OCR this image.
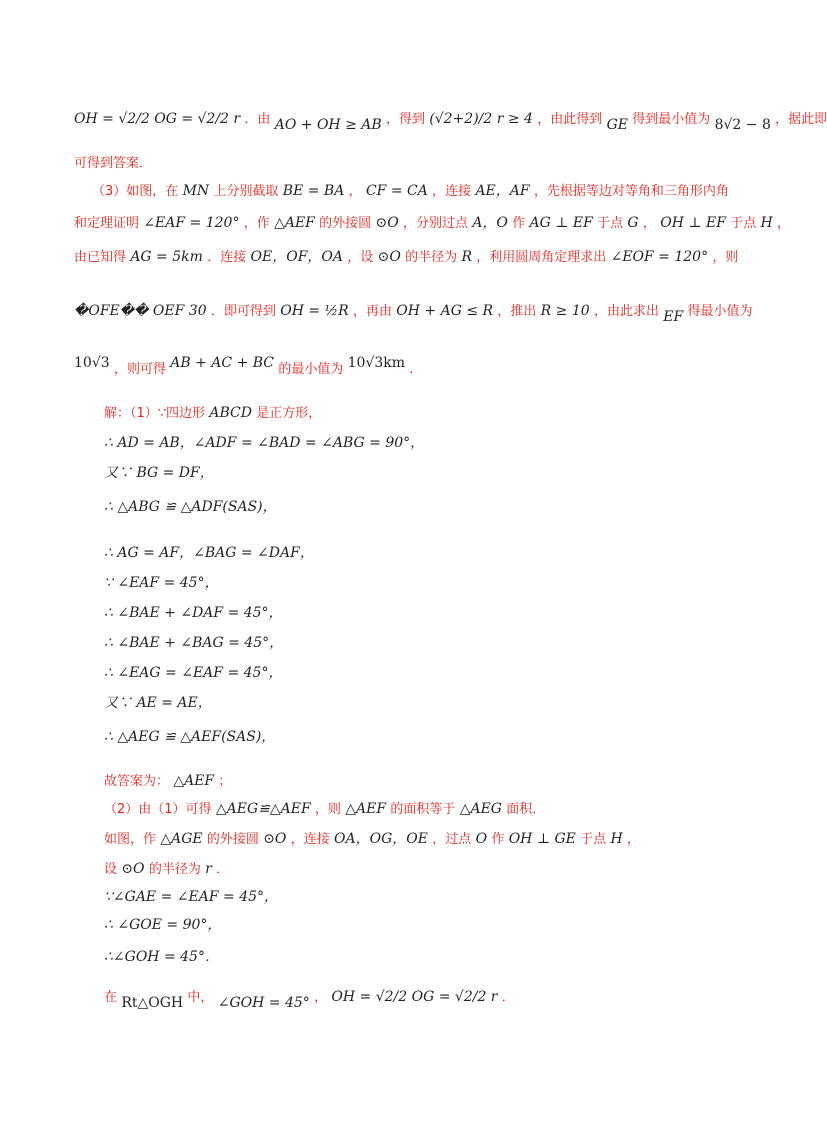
OH = √2/2 OG = √2/2 r ．由 AO + OH ≥ AB ，得到 (√2+2)/2 r ≥ 4 ，由此得到 GE 得到最小值为 8√2 − 8 ，据此即
可得到答案．
（3）如图，在 MN 上分别截取 BE = BA ， CF = CA ，连接 AE，AF ，先根据等边对等角和三角形内角
和定理证明 ∠EAF = 120° ，作 △AEF 的外接圆 ⊙O ，分别过点 A，O 作 AG ⊥ EF 于点 G ， OH ⊥ EF 于点 H ，
由已知得 AG = 5km ．连接 OE，OF，OA ，设 ⊙O 的半径为 R ，利用圆周角定理求出 ∠EOF = 120° ，则
�OFE�� OEF 30 ．即可得到 OH = ½R ，再由 OH + AG ≤ R ，推出 R ≥ 10 ，由此求出 EF 得最小值为
10√3 ，则可得 AB + AC + BC 的最小值为 10√3km ．
解：（1）∵四边形 ABCD 是正方形，
∴ AD = AB，∠ADF = ∠BAD = ∠ABG = 90°，
又∵ BG = DF，
∴ △ABG ≌ △ADF(SAS)，
∴ AG = AF，∠BAG = ∠DAF，
∵ ∠EAF = 45°，
∴ ∠BAE + ∠DAF = 45°，
∴ ∠BAE + ∠BAG = 45°，
∴ ∠EAG = ∠EAF = 45°，
又∵ AE = AE，
∴ △AEG ≌ △AEF(SAS)，
故答案为： △AEF ；
（2）由（1）可得 △AEG≌△AEF ，则 △AEF 的面积等于 △AEG 面积．
如图，作 △AGE 的外接圆 ⊙O ，连接 OA，OG，OE ，过点 O 作 OH ⊥ GE 于点 H ，
设 ⊙O 的半径为 r ．
∵∠GAE = ∠EAF = 45°，
∴ ∠GOE = 90°，
∴∠GOH = 45°．
在 Rt△OGH 中， ∠GOH = 45° ， OH = √2/2 OG = √2/2 r ．
